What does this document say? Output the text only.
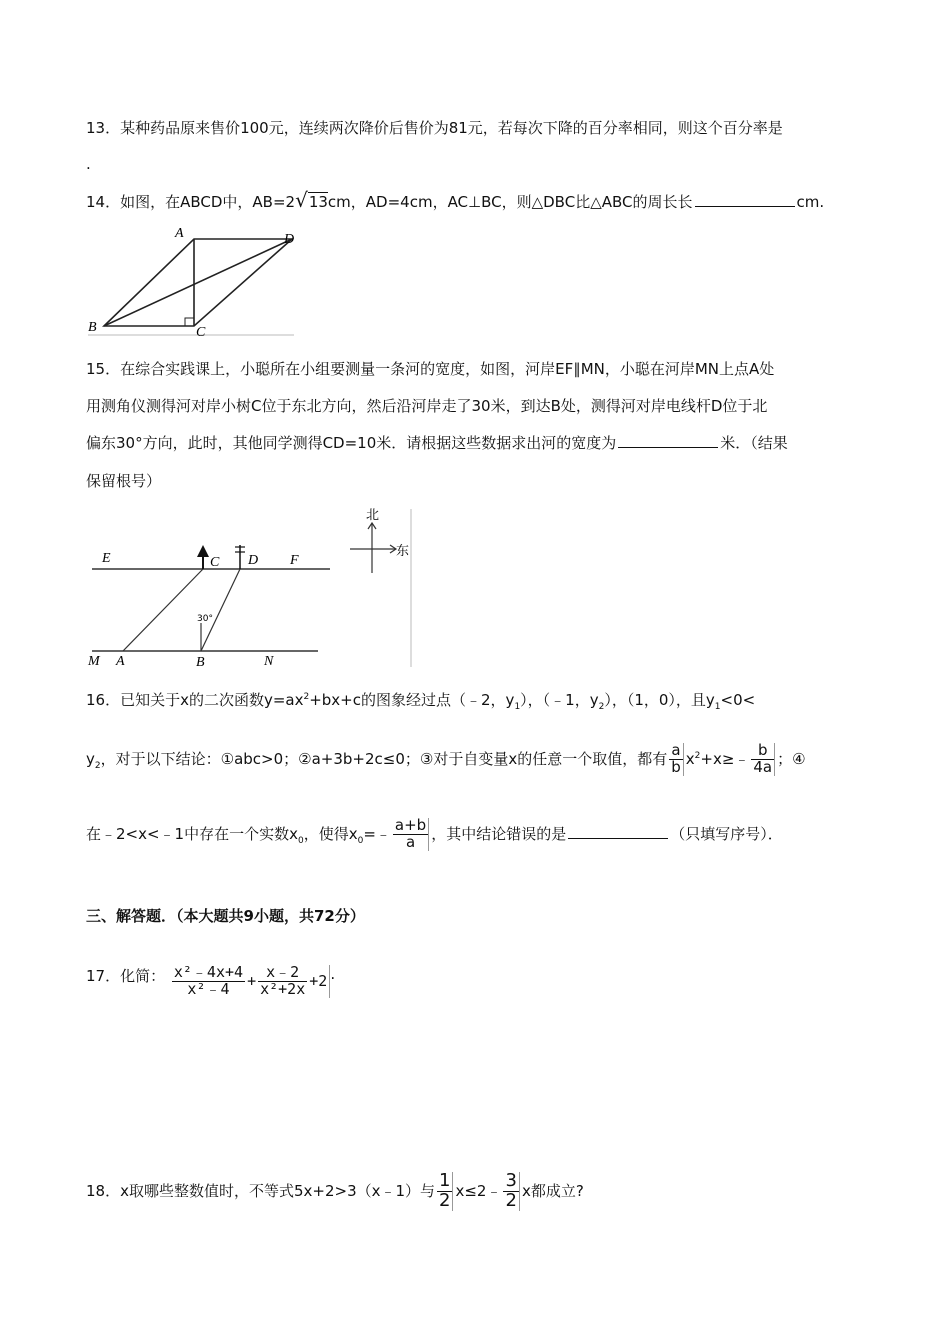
13．某种药品原来售价100元，连续两次降价后售价为81元，若每次下降的百分率相同，则这个百分率是
.
14．如图，在ABCD中，AB=2√13cm，AD=4cm，AC⊥BC，则△DBC比△ABC的周长长	cm.
A	D
B	C
15．在综合实践课上，小聪所在小组要测量一条河的宽度，如图，河岸EF∥MN，小聪在河岸MN上点A处
用测角仪测得河对岸小树C位于东北方向，然后沿河岸走了30米，到达B处，测得河对岸电线杆D位于北
偏东30°方向，此时，其他同学测得CD=10米．请根据这些数据求出河的宽度为	米．（结果
保留根号）
北
东
E	C D F
30°
M A	B	N
16．已知关于x的二次函数$y=ax^2+bx+c$的图象经过点（﹣2，$y_1$），（﹣1，$y_2$），（1，0），且$y_1<0<$
$y_2$，对于以下结论：①abc>0；②a+3b+2c≤0；③对于自变量x的任意一个取值，都有 $\frac{a}{b}$ $x^2+x\ge﹣ \frac{b}{4a}$ ；④
在﹣2<x<﹣1中存在一个实数$x_0$，使得$x_0=﹣ \frac{a+b}{a}$ ，其中结论错误的是	（只填写序号）．
三、解答题．（本大题共9小题，共72分）
17．化简： $\frac{\text{x²﹣4x+4}}{\text{x²﹣4}} + \frac{x﹣2}{\text{x²+2x}} +2$ .
18．x取哪些整数值时，不等式5x+2>3（x﹣1）与 $\frac{1}{2}$ x≤2﹣ $\frac{3}{2}$ x都成立?
